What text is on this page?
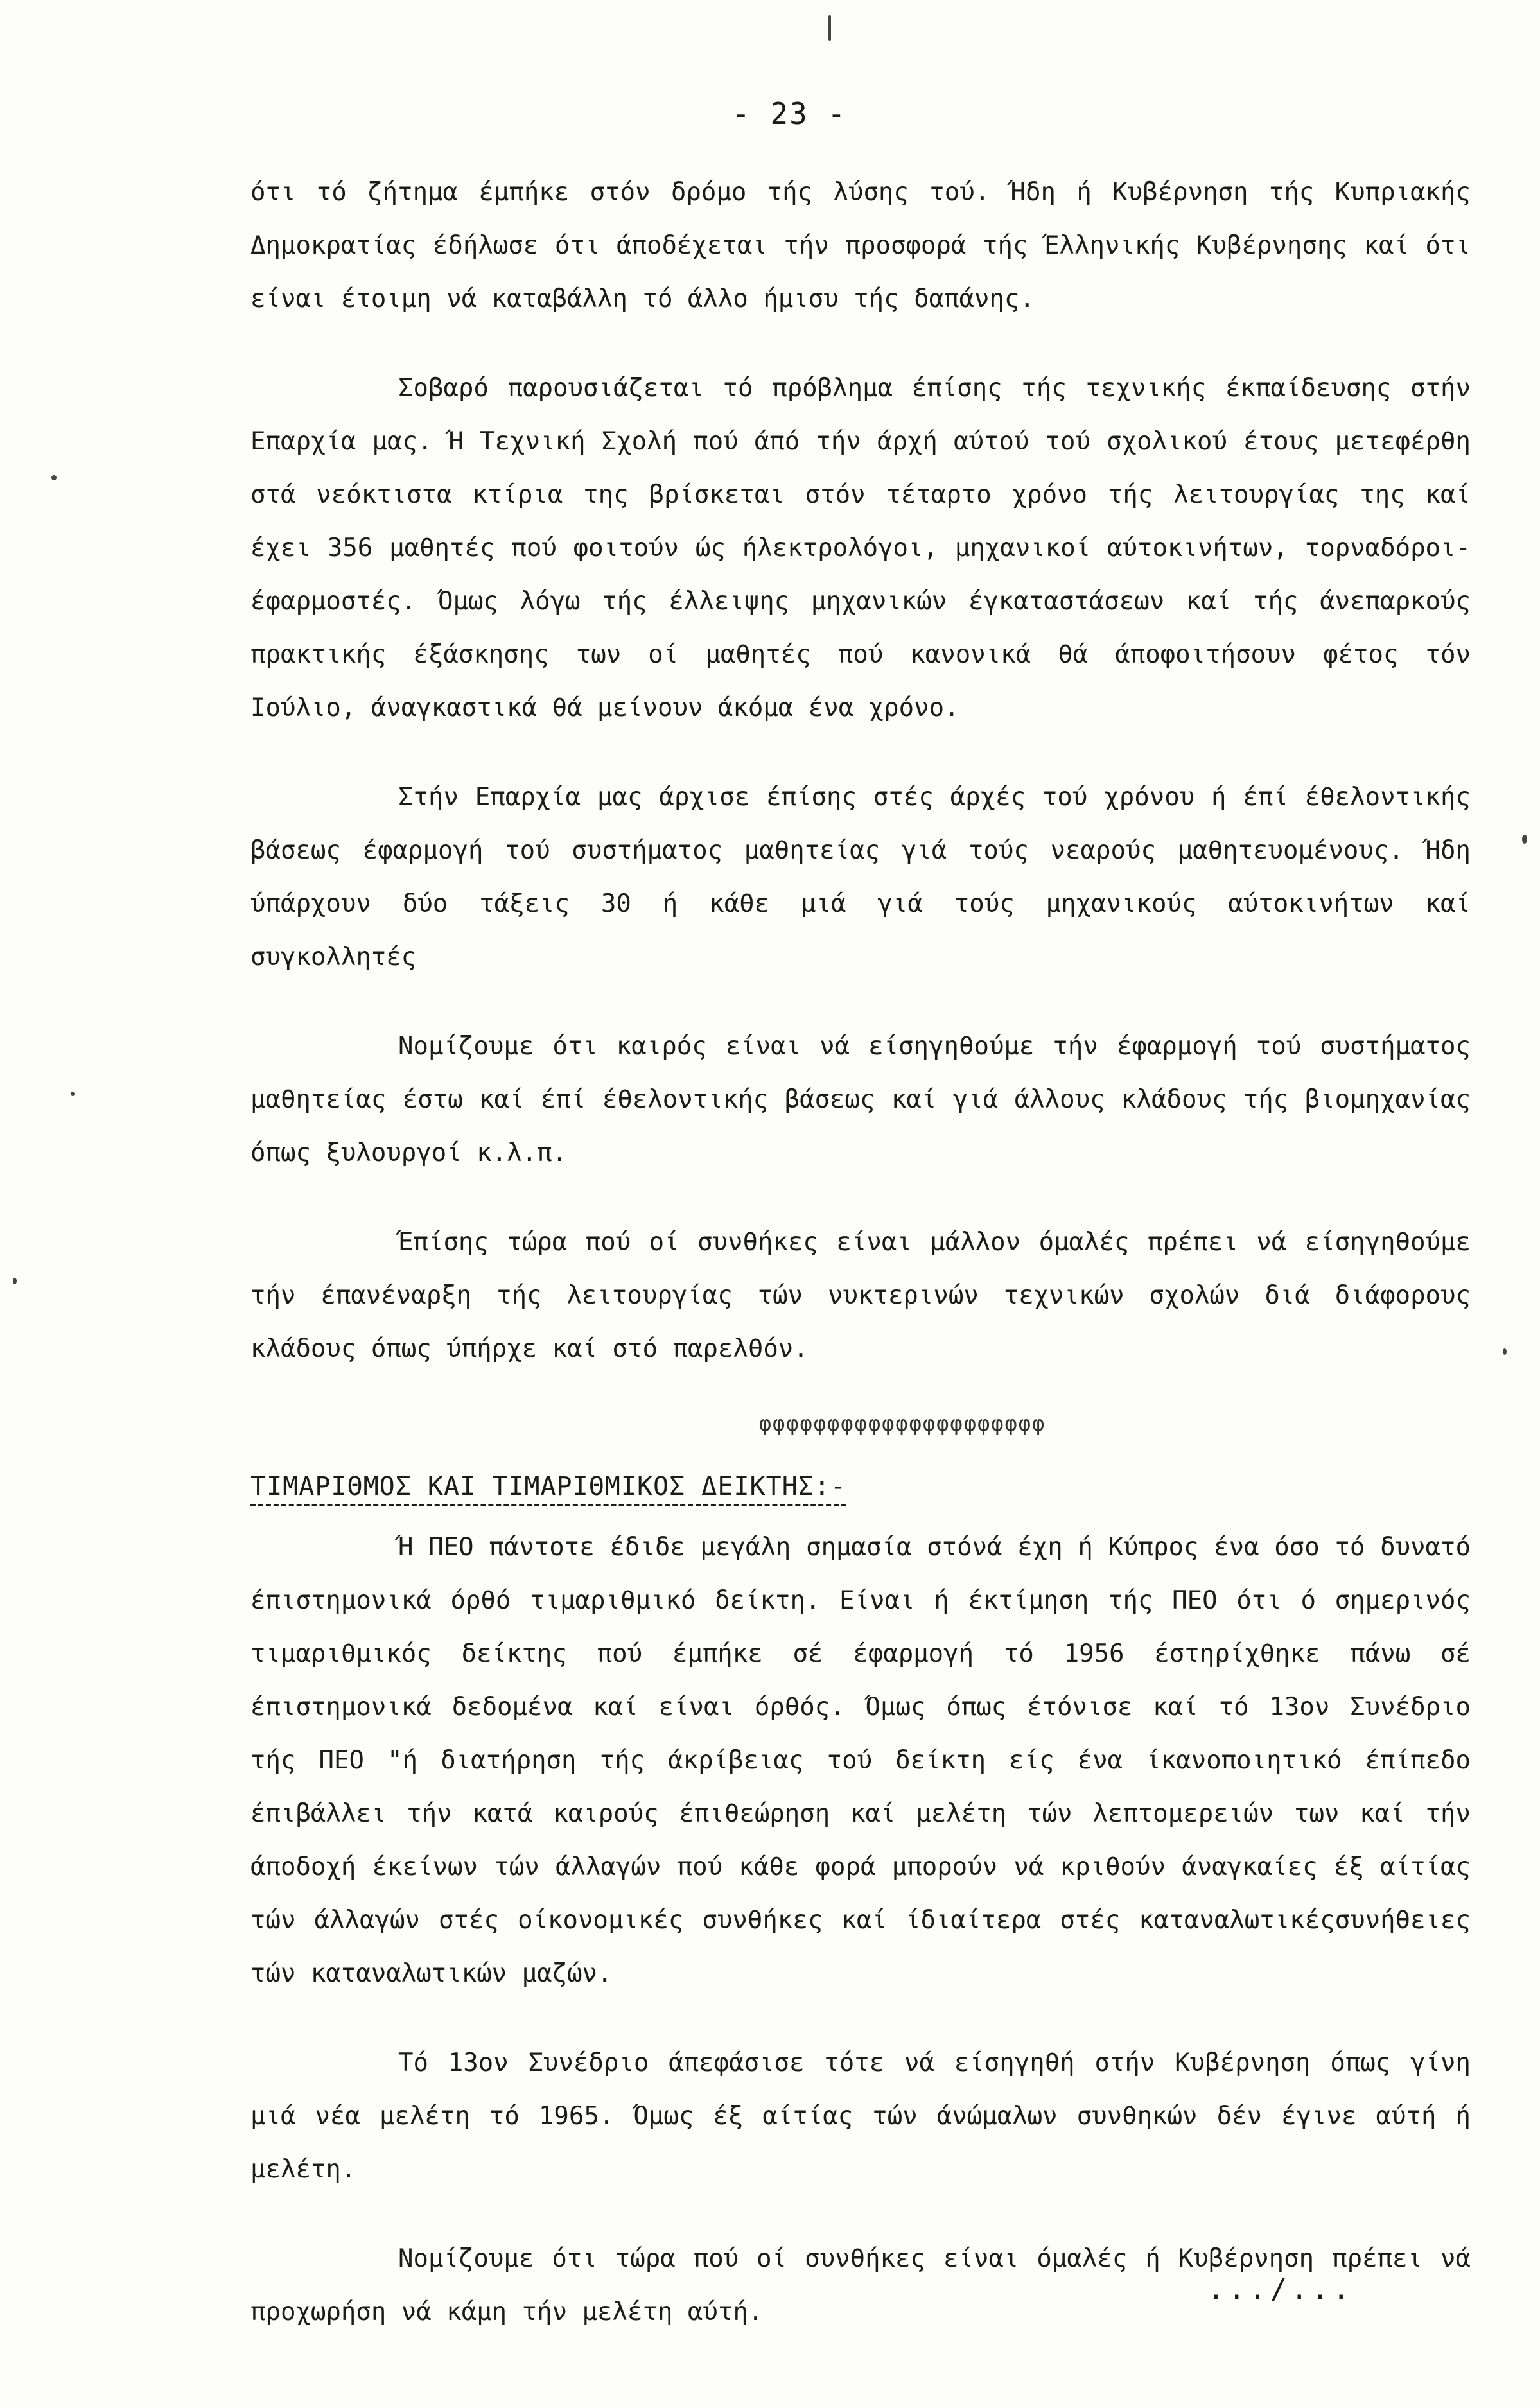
- 23 -

ότι τό ζήτημα έμπήκε στόν δρόμο τής λύσης τού. Ήδη ή Κυβέρνηση τής Κυπριακής Δημοκρατίας έδήλωσε ότι άποδέχεται τήν προσφορά τής Έλληνικής Κυβέρνησης καί ότι είναι έτοιμη νά καταβάλλη τό άλλο ήμισυ τής δαπάνης.

Σοβαρό παρουσιάζεται τό πρόβλημα έπίσης τής τεχνικής έκπαίδευσης στήν Επαρχία μας. Ή Τεχνική Σχολή πού άπό τήν άρχή αύτού τού σχολικού έτους μετεφέρθη στά νεόκτιστα κτίρια της βρίσκεται στόν τέταρτο χρόνο τής λειτουργίας της καί έχει 356 μαθητές πού φοιτούν ώς ήλεκτρολόγοι, μηχανικοί αύτοκινήτων, τορναδόροι-έφαρμοστές. Όμως λόγω τής έλλειψης μηχανικών έγκαταστάσεων καί τής άνεπαρκούς πρακτικής έξάσκησης των οί μαθητές πού κανονικά θά άποφοιτήσουν φέτος τόν Ιούλιο, άναγκαστικά θά μείνουν άκόμα ένα χρόνο.

Στήν Επαρχία μας άρχισε έπίσης στές άρχές τού χρόνου ή έπί έθελοντικής βάσεως έφαρμογή τού συστήματος μαθητείας γιά τούς νεαρούς μαθητευομένους. Ήδη ύπάρχουν δύο τάξεις 30 ή κάθε μιά γιά τούς μηχανικούς αύτοκινήτων καί συγκολλητές

Νομίζουμε ότι καιρός είναι νά είσηγηθούμε τήν έφαρμογή τού συστήματος μαθητείας έστω καί έπί έθελοντικής βάσεως καί γιά άλλους κλάδους τής βιομηχανίας όπως ξυλουργοί κ.λ.π.

Έπίσης τώρα πού οί συνθήκες είναι μάλλον όμαλές πρέπει νά είσηγηθούμε τήν έπανέναρξη τής λειτουργίας τών νυκτερινών τεχνικών σχολών διά διάφορους κλάδους όπως ύπήρχε καί στό παρελθόν.

φφφφφφφφφφφφφφφφφφφφφ
ΤΙΜΑΡΙΘΜΟΣ ΚΑΙ ΤΙΜΑΡΙΘΜΙΚΟΣ ΔΕΙΚΤΗΣ:-

Ή ΠΕΟ πάντοτε έδιδε μεγάλη σημασία στόνά έχη ή Κύπρος ένα όσο τό δυνατό έπιστημονικά όρθό τιμαριθμικό δείκτη. Είναι ή έκτίμηση τής ΠΕΟ ότι ό σημερινός τιμαριθμικός δείκτης πού έμπήκε σέ έφαρμογή τό 1956 έστηρίχθηκε πάνω σέ έπιστημονικά δεδομένα καί είναι όρθός. Όμως όπως έτόνισε καί τό 13ον Συνέδριο τής ΠΕΟ "ή διατήρηση τής άκρίβειας τού δείκτη είς ένα ίκανοποιητικό έπίπεδο έπιβάλλει τήν κατά καιρούς έπιθεώρηση καί μελέτη τών λεπτομερειών των καί τήν άποδοχή έκείνων τών άλλαγών πού κάθε φορά μπορούν νά κριθούν άναγκαίες έξ αίτίας τών άλλαγών στές οίκονομικές συνθήκες καί ίδιαίτερα στές καταναλωτικέςσυνήθειες τών καταναλωτικών μαζών.

Τό 13ον Συνέδριο άπεφάσισε τότε νά είσηγηθή στήν Κυβέρνηση όπως γίνη μιά νέα μελέτη τό 1965. Όμως έξ αίτίας τών άνώμαλων συνθηκών δέν έγινε αύτή ή μελέτη.

Νομίζουμε ότι τώρα πού οί συνθήκες είναι όμαλές ή Κυβέρνηση πρέπει νά προχωρήση νά κάμη τήν μελέτη αύτή.

.../...
